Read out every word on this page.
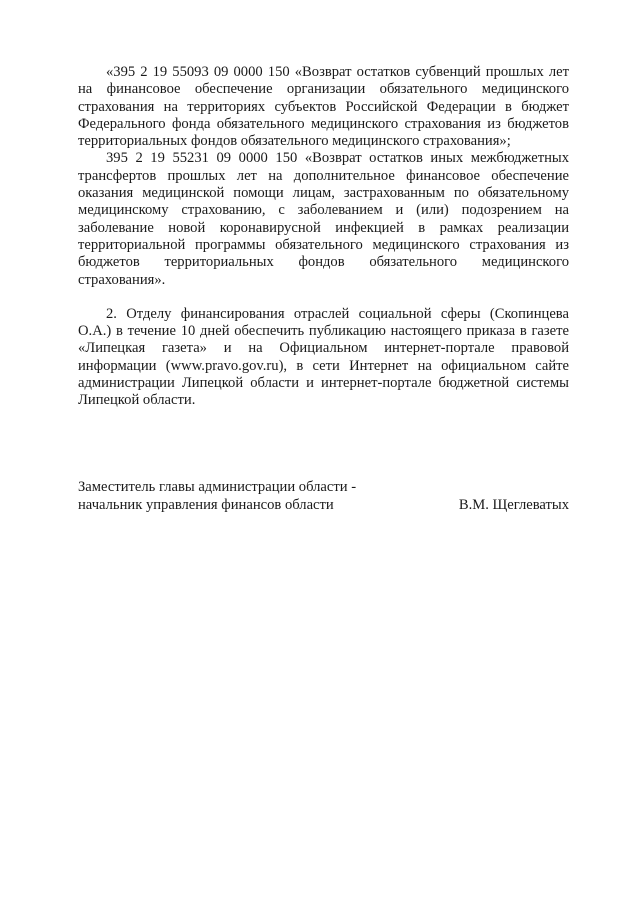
«395 2 19 55093 09 0000 150 «Возврат остатков субвенций прошлых лет на финансовое обеспечение организации обязательного медицинского страхования на территориях субъектов Российской Федерации в бюджет Федерального фонда обязательного медицинского страхования из бюджетов территориальных фондов обязательного медицинского страхования»;

395 2 19 55231 09 0000 150 «Возврат остатков иных межбюджетных трансфертов прошлых лет на дополнительное финансовое обеспечение оказания медицинской помощи лицам, застрахованным по обязательному медицинскому страхованию, с заболеванием и (или) подозрением на заболевание новой коронавирусной инфекцией в рамках реализации территориальной программы обязательного медицинского страхования из бюджетов территориальных фондов обязательного медицинского страхования».

2. Отделу финансирования отраслей социальной сферы (Скопинцева О.А.) в течение 10 дней обеспечить публикацию настоящего приказа в газете «Липецкая газета» и на Официальном интернет-портале правовой информации (www.pravo.gov.ru), в сети Интернет на официальном сайте администрации Липецкой области и интернет-портале бюджетной системы Липецкой области.

Заместитель главы администрации области -
начальник управления финансов области	В.М. Щеглеватых
